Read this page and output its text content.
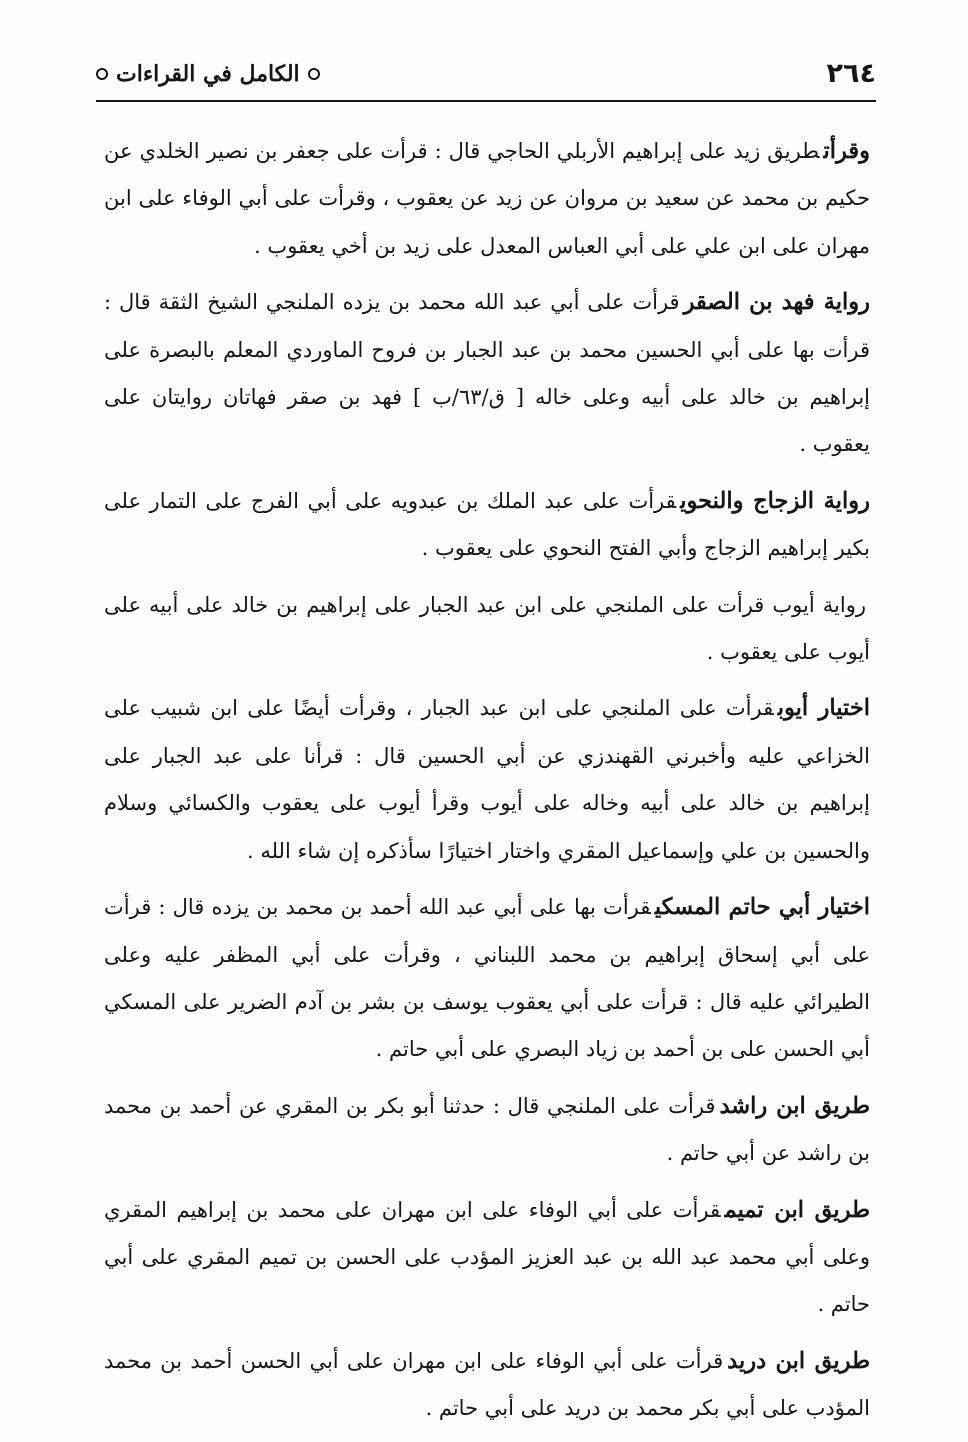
٢٦٤
الكامل في القراءات

وقرأتطريق زيد على إبراهيم الأربلي الحاجي قال : قرأت على جعفر بن نصير الخلدي عن حكيم بن محمد عن سعيد بن مروان عن زيد عن يعقوب ، وقرأت على أبي الوفاء على ابن مهران على ابن علي على أبي العباس المعدل على زيد بن أخي يعقوب .

رواية فهد بن الصقرقرأت على أبي عبد الله محمد بن يزده الملنجي الشيخ الثقة قال : قرأت بها على أبي الحسين محمد بن عبد الجبار بن فروح الماوردي المعلم بالبصرة على إبراهيم بن خالد على أبيه وعلى خاله [ ق/٦٣/ب ] فهد بن صقر فهاتان روايتان على يعقوب .

رواية الزجاج والنحويقرأت على عبد الملك بن عبدويه على أبي الفرج على التمار على بكير إبراهيم الزجاج وأبي الفتح النحوي على يعقوب .

رواية أيوب قرأت على الملنجي على ابن عبد الجبار على إبراهيم بن خالد على أبيه على أيوب على يعقوب .

اختيار أيوبقرأت على الملنجي على ابن عبد الجبار ، وقرأت أيضًا على ابن شبيب على الخزاعي عليه وأخبرني القهندزي عن أبي الحسين قال : قرأنا على عبد الجبار على إبراهيم بن خالد على أبيه وخاله على أيوب وقرأ أيوب على يعقوب والكسائي وسلام والحسين بن علي وإسماعيل المقري واختار اختيارًا سأذكره إن شاء الله .

اختيار أبي حاتم المسكيقرأت بها على أبي عبد الله أحمد بن محمد بن يزده قال : قرأت على أبي إسحاق إبراهيم بن محمد اللبناني ، وقرأت على أبي المظفر عليه وعلى الطيرائي عليه قال : قرأت على أبي يعقوب يوسف بن بشر بن آدم الضرير على المسكي أبي الحسن على بن أحمد بن زياد البصري على أبي حاتم .

طريق ابن راشدقرأت على الملنجي قال : حدثنا أبو بكر بن المقري عن أحمد بن محمد بن راشد عن أبي حاتم .

طريق ابن تميمقرأت على أبي الوفاء على ابن مهران على محمد بن إبراهيم المقري وعلى أبي محمد عبد الله بن عبد العزيز المؤدب على الحسن بن تميم المقري على أبي حاتم .

طريق ابن دريدقرأت على أبي الوفاء على ابن مهران على أبي الحسن أحمد بن محمد المؤدب على أبي بكر محمد بن دريد على أبي حاتم .
